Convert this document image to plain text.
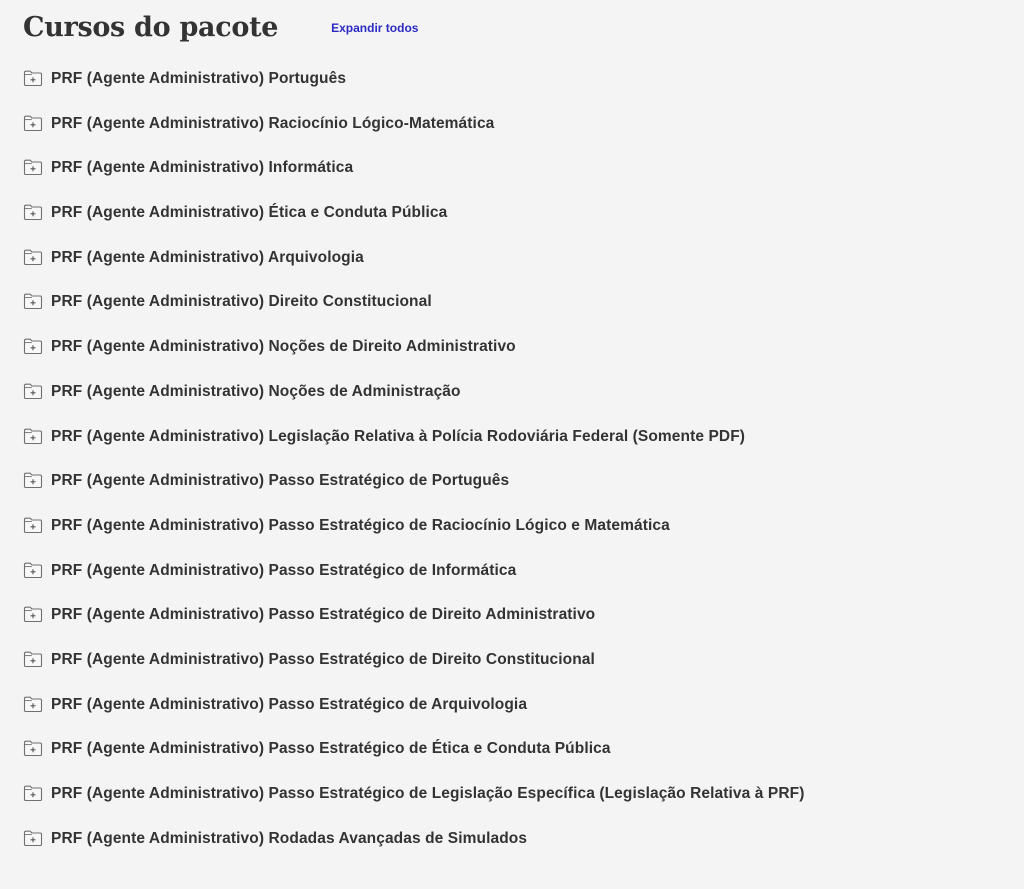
Cursos do pacote	Expandir todos
PRF (Agente Administrativo) Português
PRF (Agente Administrativo) Raciocínio Lógico-Matemática
PRF (Agente Administrativo) Informática
PRF (Agente Administrativo) Ética e Conduta Pública
PRF (Agente Administrativo) Arquivologia
PRF (Agente Administrativo) Direito Constitucional
PRF (Agente Administrativo) Noções de Direito Administrativo
PRF (Agente Administrativo) Noções de Administração
PRF (Agente Administrativo) Legislação Relativa à Polícia Rodoviária Federal (Somente PDF)
PRF (Agente Administrativo) Passo Estratégico de Português
PRF (Agente Administrativo) Passo Estratégico de Raciocínio Lógico e Matemática
PRF (Agente Administrativo) Passo Estratégico de Informática
PRF (Agente Administrativo) Passo Estratégico de Direito Administrativo
PRF (Agente Administrativo) Passo Estratégico de Direito Constitucional
PRF (Agente Administrativo) Passo Estratégico de Arquivologia
PRF (Agente Administrativo) Passo Estratégico de Ética e Conduta Pública
PRF (Agente Administrativo) Passo Estratégico de Legislação Específica (Legislação Relativa à PRF)
PRF (Agente Administrativo) Rodadas Avançadas de Simulados
